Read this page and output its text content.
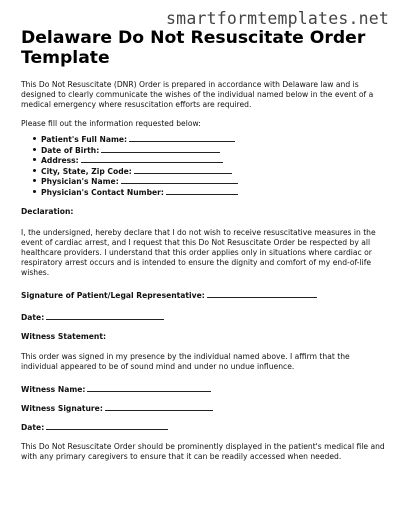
smartformtemplates.net
Delaware Do Not Resuscitate Order Template

This Do Not Resuscitate (DNR) Order is prepared in accordance with Delaware law and is designed to clearly communicate the wishes of the individual named below in the event of a medical emergency where resuscitation efforts are required.

Please fill out the information requested below:

Patient's Full Name:
Date of Birth:
Address:
City, State, Zip Code:
Physician's Name:
Physician's Contact Number:
Declaration:

I, the undersigned, hereby declare that I do not wish to receive resuscitative measures in the event of cardiac arrest, and I request that this Do Not Resuscitate Order be respected by all healthcare providers. I understand that this order applies only in situations where cardiac or respiratory arrest occurs and is intended to ensure the dignity and comfort of my end-of-life wishes.

Signature of Patient/Legal Representative:
Date:
Witness Statement:

This order was signed in my presence by the individual named above. I affirm that the individual appeared to be of sound mind and under no undue influence.

Witness Name:
Witness Signature:
Date:

This Do Not Resuscitate Order should be prominently displayed in the patient's medical file and with any primary caregivers to ensure that it can be readily accessed when needed.
